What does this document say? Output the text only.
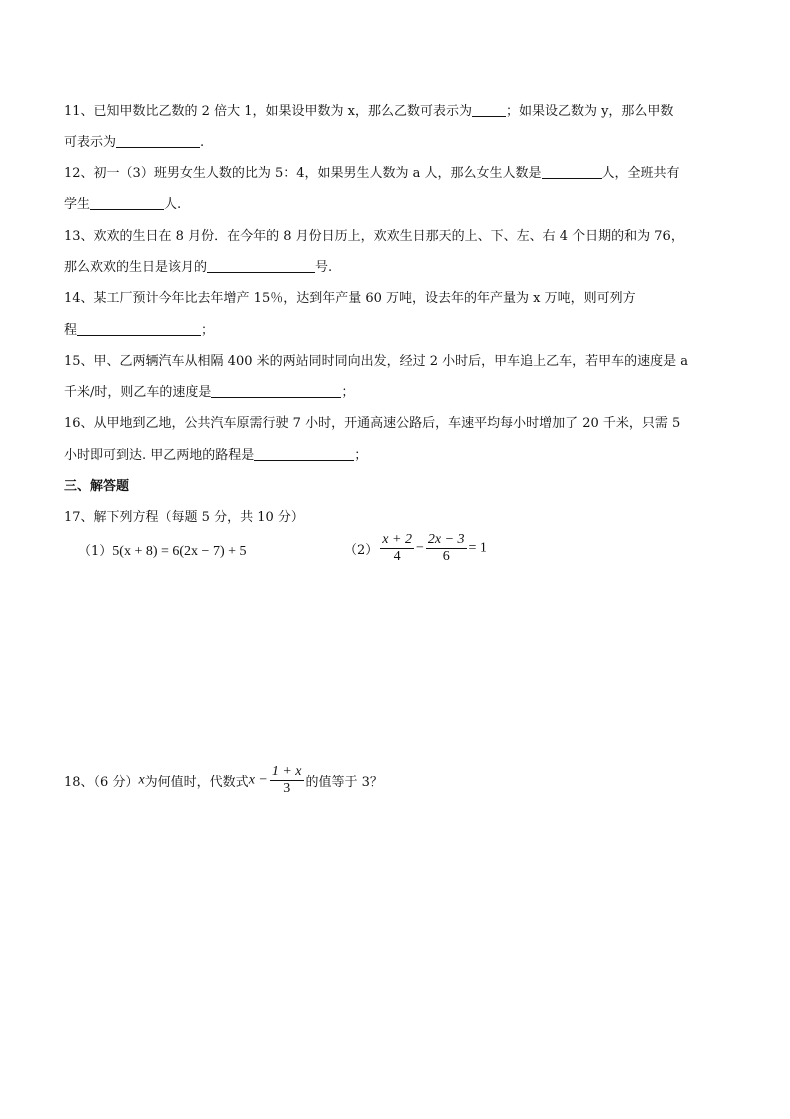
11、已知甲数比乙数的 2 倍大 1，如果设甲数为 x，那么乙数可表示为	；如果设乙数为 y，那么甲数
可表示为	.
12、初一（3）班男女生人数的比为 5：4，如果男生人数为 a 人，那么女生人数是	人，全班共有
学生	人.
13、欢欢的生日在 8 月份．在今年的 8 月份日历上，欢欢生日那天的上、下、左、右 4 个日期的和为 76，
那么欢欢的生日是该月的	号.
14、某工厂预计今年比去年增产 15％，达到年产量 60 万吨，设去年的年产量为 x 万吨，则可列方
程	；
15、甲、乙两辆汽车从相隔 400 米的两站同时同向出发，经过 2 小时后，甲车追上乙车，若甲车的速度是 a
千米/时，则乙车的速度是	；
16、从甲地到乙地，公共汽车原需行驶 7 小时，开通高速公路后，车速平均每小时增加了 20 千米，只需 5
小时即可到达. 甲乙两地的路程是	；
三、解答题
17、解下列方程（每题 5 分，共 10 分）
（1）5(x + 8) = 6(2x − 7) + 5	$(2) \frac{x + 2}{4} - \frac{2x - 3}{6} = 1$
18、（6 分）x为何值时，代数式$x - \frac{1 + x}{3}$ 的值等于 3？
